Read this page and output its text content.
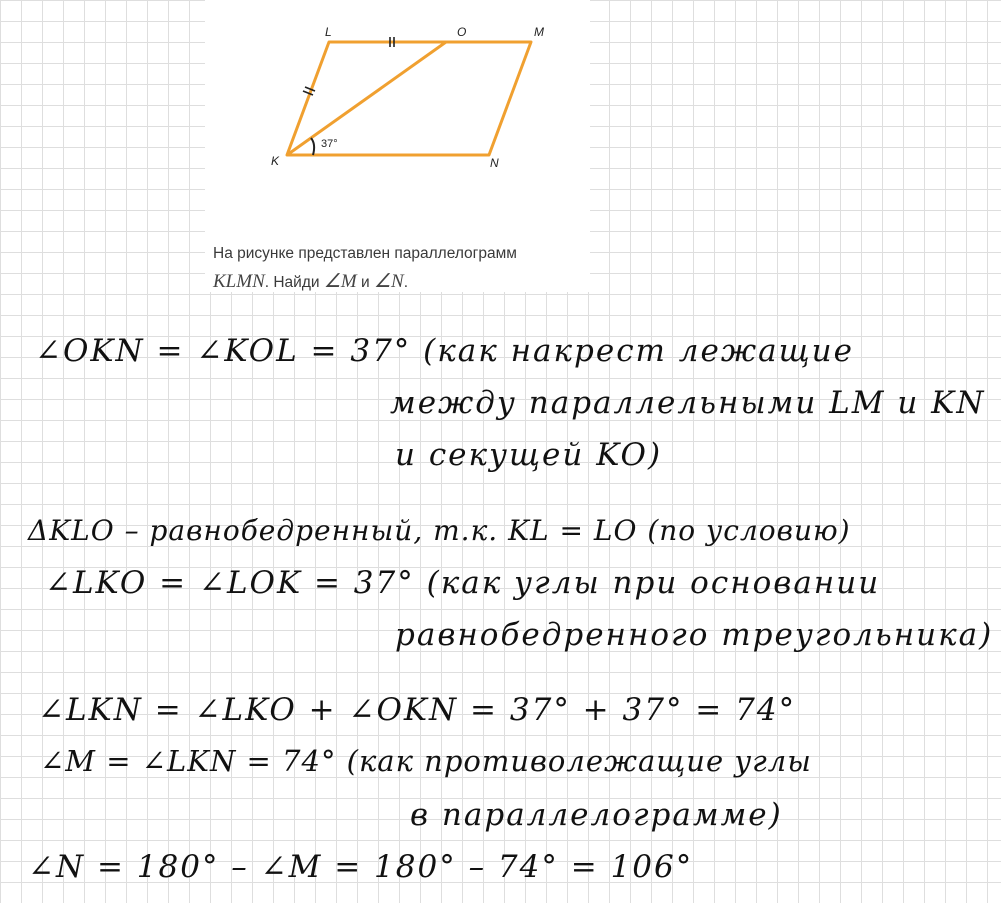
37°
L	O	M
K	N
На рисунке представлен параллелограмм
KLMN. Найди ∠M и ∠N.
∠OKN = ∠KOL = 37° (как накрест лежащие
между параллельными LM и KN
и секущей KO)
ΔKLO – равнобедренный, т.к. KL = LO (по условию)
∠LKO = ∠LOK = 37° (как углы при основании
равнобедренного треугольника)
∠LKN = ∠LKO + ∠OKN = 37° + 37° = 74°
∠M = ∠LKN = 74° (как противолежащие углы
в параллелограмме)
∠N = 180° – ∠M = 180° – 74° = 106°
